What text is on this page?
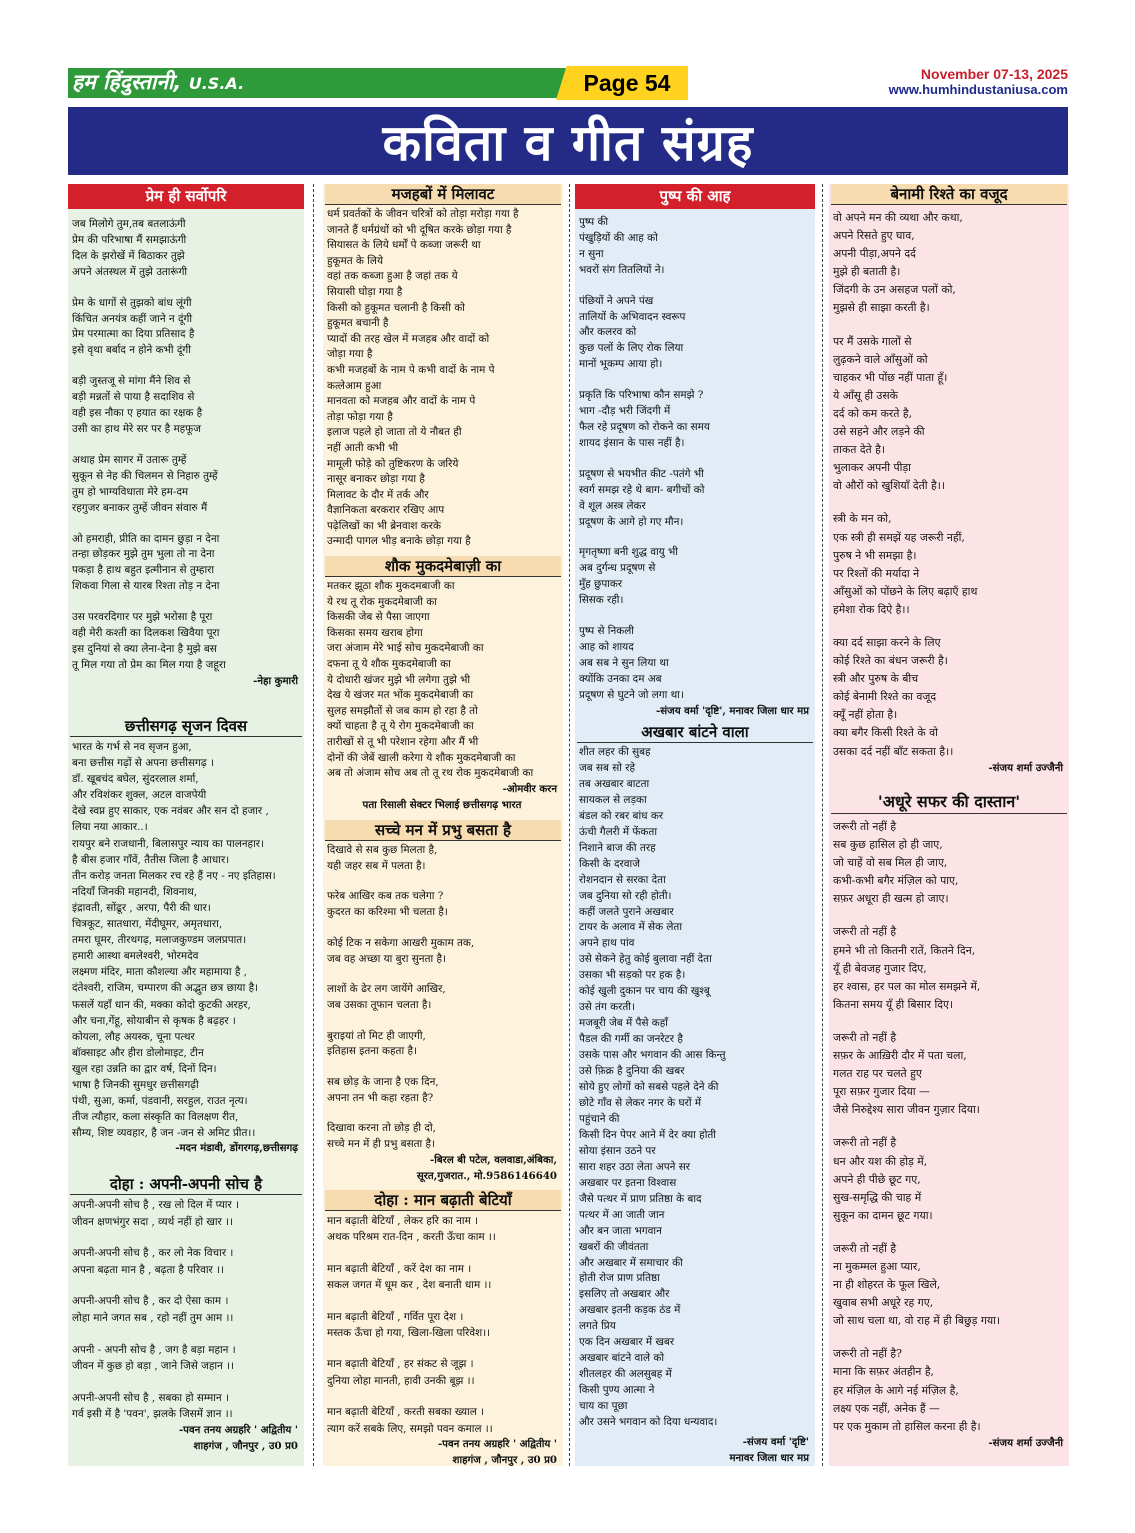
हम हिंदुस्तानी, U.S.A.	Page 54	November 07-13, 2025
www.humhindustaniusa.com
कविता व गीत संग्रह
प्रेम ही सर्वोपरि
जब मिलोगे तुम,तब बतलाऊंगी
प्रेम की परिभाषा मैं समझाऊंगी
दिल के झरोखें में बिठाकर तुझे
अपने अंतस्थल में तुझे उतारूंगी

प्रेम के धागों से तुझको बांध लूंगी
किंचित अनयंत्र कहीं जाने न दूंगी
प्रेम परमात्मा का दिया प्रतिसाद है
इसे वृथा बर्बाद न होने कभी दूंगी

बड़ी जुस्तजू से मांगा मैंने शिव से
बड़ी मन्नतों से पाया है सदाशिव से
वही इस नौका ए हयात का रक्षक है
उसी का हाथ मेरे सर पर है महफूज

अथाह प्रेम सागर में उतारू तुम्हें
सुकून से नेह की चिलमन से निहारु तुम्हें
तुम हो भाग्यविधाता मेरे हम-दम
रहगुजर बनाकर तुम्हें जीवन संवारु मैं

ओ हमराही, प्रीति का दामन छुड़ा न देना
तन्हा छोड़कर मुझे तुम भुला तो ना देना
पकड़ा है हाथ बहुत इत्मीनान से तुम्हारा
शिकवा गिला से यारब रिश्ता तोड़ न देना

उस परवरदिगार पर मुझे भरोसा है पूरा
वही मेरी कश्ती का दिलकश खिवैया पूरा
इस दुनियां से क्या लेना-देना है मुझे बस
तू मिल गया तो प्रेम का मिल गया है जहूरा
-नेहा कुमारी
छत्तीसगढ़ सृजन दिवस
भारत के गर्भ से नव सृजन हुआ,
बना छत्तीस गढ़ों से अपना छत्तीसगढ़ ।
डॉ. खूबचंद बघेल, सुंदरलाल शर्मा,
और रविशंकर शुक्ल, अटल वाजपेयी
देखे स्वप्न हुए साकार, एक नवंबर और सन दो हजार ,
लिया नया आकार..।
रायपुर बने राजधानी, बिलासपुर न्याय का पालनहार।
है बीस हजार गाँवें, तैतीस जिला है आधार।
तीन करोड़ जनता मिलकर रच रहे हैं नए - नए इतिहास।
नदियाँ जिनकी महानदी, शिवनाथ,
इंद्रावती, सोंढूर , अरपा, पैरी की धार।
चित्रकूट, सातधारा, मेंदीघूमर, अमृतधारा,
तमरा घूमर, तीरथगढ़, मलाजकुण्डम जलप्रपात।
हमारी आस्था बमलेश्वरी, भोरमदेव
लक्ष्मण मंदिर, माता कौशल्या और महामाया है ,
दंतेश्वरी, राजिम, चम्पारण की अद्भुत छत्र छाया है।
फसलें यहाँ धान की, मक्का कोदो कुटकी अरहर,
और चना,गेंहू, सोयाबीन से कृषक है बढ़हर ।
कोयला, लौह अयस्क, चूना पत्थर
बॉक्साइट और हीरा डोलोमाइट, टीन
खुल रहा उन्नति का द्वार वर्ष, दिनों दिन।
भाषा है जिनकी सुमधुर छत्तीसगढ़ी
पंथी, सुआ, कर्मा, पंडवानी, सरहुल, राउत नृत्य।
तीज त्यौहार, कला संस्कृति का विलक्षण रीत,
सौम्य, शिष्ट व्यवहार, है जन -जन से अमिट प्रीत।।
-मदन मंडावी, डोंगरगढ़,छत्तीसगढ़
दोहा : अपनी-अपनी सोच है
अपनी-अपनी सोच है , रख लो दिल में प्यार ।
जीवन क्षणभंगुर सदा , व्यर्थ नहीं हो खार ।।

अपनी-अपनी सोच है , कर लो नेक विचार ।
अपना बढ़ता मान है , बढ़ता है परिवार ।।

अपनी-अपनी सोच है , कर दो ऐसा काम ।
लोहा माने जगत सब , रहो नहीं तुम आम ।।

अपनी - अपनी सोच है , जग है बड़ा महान ।
जीवन में कुछ हो बड़ा , जाने जिसे जहान ।।

अपनी-अपनी सोच है , सबका हो सम्मान ।
गर्व इसी में है 'पवन', झलके जिसमें ज्ञान ।।
-पवन तनय अग्रहरि ' अद्वितीय '
शाहगंज , जौनपुर , उ0 प्र0
मजहबों में मिलावट
धर्म प्रवर्तकों के जीवन चरित्रों को तोड़ा मरोड़ा गया है
जानते हैं धर्मग्रंथों को भी दूषित करके छोड़ा गया है
सियासत के लिये धर्मों पे कब्जा जरूरी था
हुकूमत के लिये
वहां तक कब्जा हुआ है जहां तक ये
सियासी घोड़ा गया है
किसी को हुकूमत चलानी है किसी को
हुकूमत बचानी है
प्यादों की तरह खेल में मजहब और वादों को
जोड़ा गया है
कभी मजहबों के नाम पे कभी वादों के नाम पे
कत्लेआम हुआ
मानवता को मजहब और वादों के नाम पे
तोड़ा फोड़ा गया है
इलाज पहले हो जाता तो ये नौबत ही
नहीं आती कभी भी
मामूली फोड़े को तुष्टिकरण के जरिये
नासूर बनाकर छोड़ा गया है
मिलावट के दौर में तर्क और
वैज्ञानिकता बरकरार रखिए आप
पढ़ेलिखों का भी ब्रेनवाश करके
उन्मादी पागल भीड़ बनाके छोड़ा गया है
शौक मुकदमेबाज़ी का
मतकर झूठा शौक मुकदमबाजी का
ये रथ तू रोक मुकदमेबाजी का
किसकी जेब से पैसा जाएगा
किसका समय खराब होगा
जरा अंजाम मेरे भाई सोच मुकदमेबाजी का
दफना तू ये शौक मुकदमेबाजी का
ये दोधारी खंजर मुझे भी लगेगा तुझे भी
देख ये खंजर मत भोंक मुकदमेबाजी का
सुलह समझौतों से जब काम हो रहा है तो
क्यों चाहता है तू ये रोग मुकदमेबाजी का
तारीखों से तू भी परेशान रहेगा और मैं भी
दोनों की जेबें खाली करेगा ये शौक मुकदमेबाजी का
अब तो अंजाम सोच अब तो तू रथ रोक मुकदमेबाजी का
-ओमवीर करन
पता रिसाली सेक्टर भिलाई छत्तीसगढ़ भारत
सच्चे मन में प्रभु बसता है
दिखावे से सब कुछ मिलता है,
यही जहर सब में पलता है।

फरेब आखिर कब तक चलेगा ?
कुदरत का करिश्मा भी चलता है।

कोई टिक न सकेगा आखरी मुकाम तक,
जब वह अच्छा या बुरा सुनता है।

लाशों के ढेर लग जायेंगे आखिर,
जब उसका तूफान चलता है।

बुराइयां तो मिट ही जाएगी,
इतिहास इतना कहता है।

सब छोड़ के जाना है एक दिन,
अपना तन भी कहा रहता है?

दिखावा करना तो छोड़ ही दो,
सच्चे मन में ही प्रभु बसता है।
-बिरल बी पटेल, वलवाडा,अंबिका,
सूरत,गुजरात., मो.9586146640
दोहा : मान बढ़ाती बेटियाँ
मान बढ़ाती बेटियाँ , लेकर हरि का नाम ।
अथक परिश्रम रात-दिन , करती ऊँचा काम ।।

मान बढ़ाती बेटियाँ , करें देश का नाम ।
सकल जगत में धूम कर , देश बनाती धाम ।।

मान बढ़ाती बेटियाँ , गर्वित पूरा देश ।
मस्तक ऊँचा हो गया, खिला-खिला परिवेश।।

मान बढ़ाती बेटियाँ , हर संकट से जूझ ।
दुनिया लोहा मानती, हावी उनकी बूझ ।।

मान बढ़ाती बेटियाँ , करती सबका ख्याल ।
त्याग करें सबके लिए, समझो पवन कमाल ।।
-पवन तनय अग्रहरि ' अद्वितीय '
शाहगंज , जौनपुर , उ0 प्र0
पुष्प की आह
पुष्प की
पंखुड़ियों की आह को
न सुना
भवरों संग तितलियों ने।

पंछियों ने अपने पंख
तालियों के अभिवादन स्वरूप
और कलरव को
कुछ पलों के लिए रोक लिया
मानों भूकम्प आया हो।

प्रकृति कि परिभाषा कौन समझे ?
भाग -दौड़ भरी जिंदगी में
फैल रहे प्रदूषण को रोकने का समय
शायद इंसान के पास नहीं है।

प्रदूषण से भयभीत कीट -पतंगे भी
स्वर्ग समझ रहे थे बाग- बगीचों को
वे शूल अस्त्र लेकर
प्रदूषण के आगे हो गए मौन।

मृगतृष्णा बनी शुद्ध वायु भी
अब दुर्गन्ध प्रदूषण से
मुँह छुपाकर
सिसक रही।

पुष्प से निकली
आह को शायद
अब सब ने सुन लिया था
क्योंकि उनका दम अब
प्रदूषण से घुटने जो लगा था।
-संजय वर्मा 'दृष्टि', मनावर जिला धार मप्र
अखबार बांटने वाला
शीत लहर की सुबह
जब सब सो रहे
तब अखबार बाटता
सायकल से लड़का
बंडल को रबर बांध कर
ऊंची गैलरी में फेंकता
निशाने बाज की तरह
किसी के दरवाजे
रोशनदान से सरका देता
जब दुनिया सो रही होती।
कहीं जलते पुराने अखबार
टायर के अलाव में सेक लेता
अपने हाथ पांव
उसे सेकने हेतु कोई बुलावा नहीं देता
उसका भी सड़को पर हक है।
कोई खुली दुकान पर चाय की खुश्बू
उसे तंग करती।
मजबूरी जेब में पैसे कहाँ
पैडल की गर्मी का जनरेटर है
उसके पास और भगवान की आस किन्तु
उसे फ़िक्र है दुनिया की खबर
सोये हुए लोगों को सबसे पहले देने की
छोटे गाँव से लेकर नगर के घरों में
पहुंचाने की
किसी दिन पेपर आने में देर क्या होती
सोया इंसान उठने पर
सारा शहर उठा लेता अपने सर
अखबार पर इतना विश्वास
जैसे पत्थर में प्राण प्रतिष्ठा के बाद
पत्थर में आ जाती जान
और बन जाता भगवान
खबरों की जीवंतता
और अखबार में समाचार की
होती रोज प्राण प्रतिष्ठा
इसलिए तो अखबार और
अखबार इतनी कड़क ठंड में
लगते प्रिय
एक दिन अखबार में खबर
अखबार बांटने वाले को
शीतलहर की अलसुबह में
किसी पुण्य आत्मा ने
चाय का पूछा
और उसने भगवान को दिया धन्यवाद।
-संजय वर्मा 'दृष्टि'
मनावर जिला धार मप्र
बेनामी रिश्ते का वजूद
वो अपने मन की व्यथा और कथा,
अपने रिसते हुए घाव,
अपनी पीड़ा,अपने दर्द
मुझे ही बताती है।
जिंदगी के उन असहज पलों को,
मुझसे ही साझा करती है।

पर मैं उसके गालों से
लुढ़कने वाले आँसुओं को
चाहकर भी पोंछ नहीं पाता हूँ।
ये आँसू ही उसके
दर्द को कम करते है,
उसे सहने और लड़ने की
ताकत देते है।
भुलाकर अपनी पीड़ा
वो औरों को खुशियाँ देती है।।

स्त्री के मन को,
एक स्त्री ही समझें यह जरूरी नहीं,
पुरुष ने भी समझा है।
पर रिश्तों की मर्यादा ने
आँसुओं को पोंछने के लिए बढ़ाएँ हाथ
हमेशा रोक दिऐ है।।

क्या दर्द साझा करने के लिए
कोई रिश्ते का बंधन जरूरी है।
स्त्री और पुरुष के बीच
कोई बेनामी रिश्ते का वजूद
क्यूँ नहीं होता है।
क्या बगैर किसी रिश्ते के वो
उसका दर्द नहीं बाँट सकता है।।
-संजय शर्मा उज्जैनी
'अधूरे सफर की दास्तान'
जरूरी तो नहीं है
सब कुछ हासिल हो ही जाए,
जो चाहें वो सब मिल ही जाए,
कभी-कभी बगैर मंज़िल को पाए,
सफ़र अधूरा ही खत्म हो जाए।

जरूरी तो नहीं है
हमने भी तो कितनी रातें, कितने दिन,
यूँ ही बेवजह गुजार दिए,
हर श्वास, हर पल का मोल समझने में,
कितना समय यूँ ही बिसार दिए।

जरूरी तो नहीं है
सफ़र के आख़िरी दौर में पता चला,
गलत राह पर चलते हुए
पूरा सफ़र गुजार दिया —
जैसे निरुद्देश्य सारा जीवन गुज़ार दिया।

जरूरी तो नहीं है
धन और यश की होड़ में,
अपने ही पीछे छूट गए,
सुख-समृद्धि की चाह में
सुकून का दामन छूट गया।

जरूरी तो नहीं है
ना मुकम्मल हुआ प्यार,
ना ही शोहरत के फूल खिले,
खुवाब सभी अधूरे रह गए,
जो साथ चला था, वो राह में ही बिछुड़ गया।

जरूरी तो नहीं है?
माना कि सफ़र अंतहीन है,
हर मंज़िल के आगे नई मंज़िल है,
लक्ष्य एक नहीं, अनेक हैं —
पर एक मुकाम तो हासिल करना ही है।
-संजय शर्मा उज्जैनी
